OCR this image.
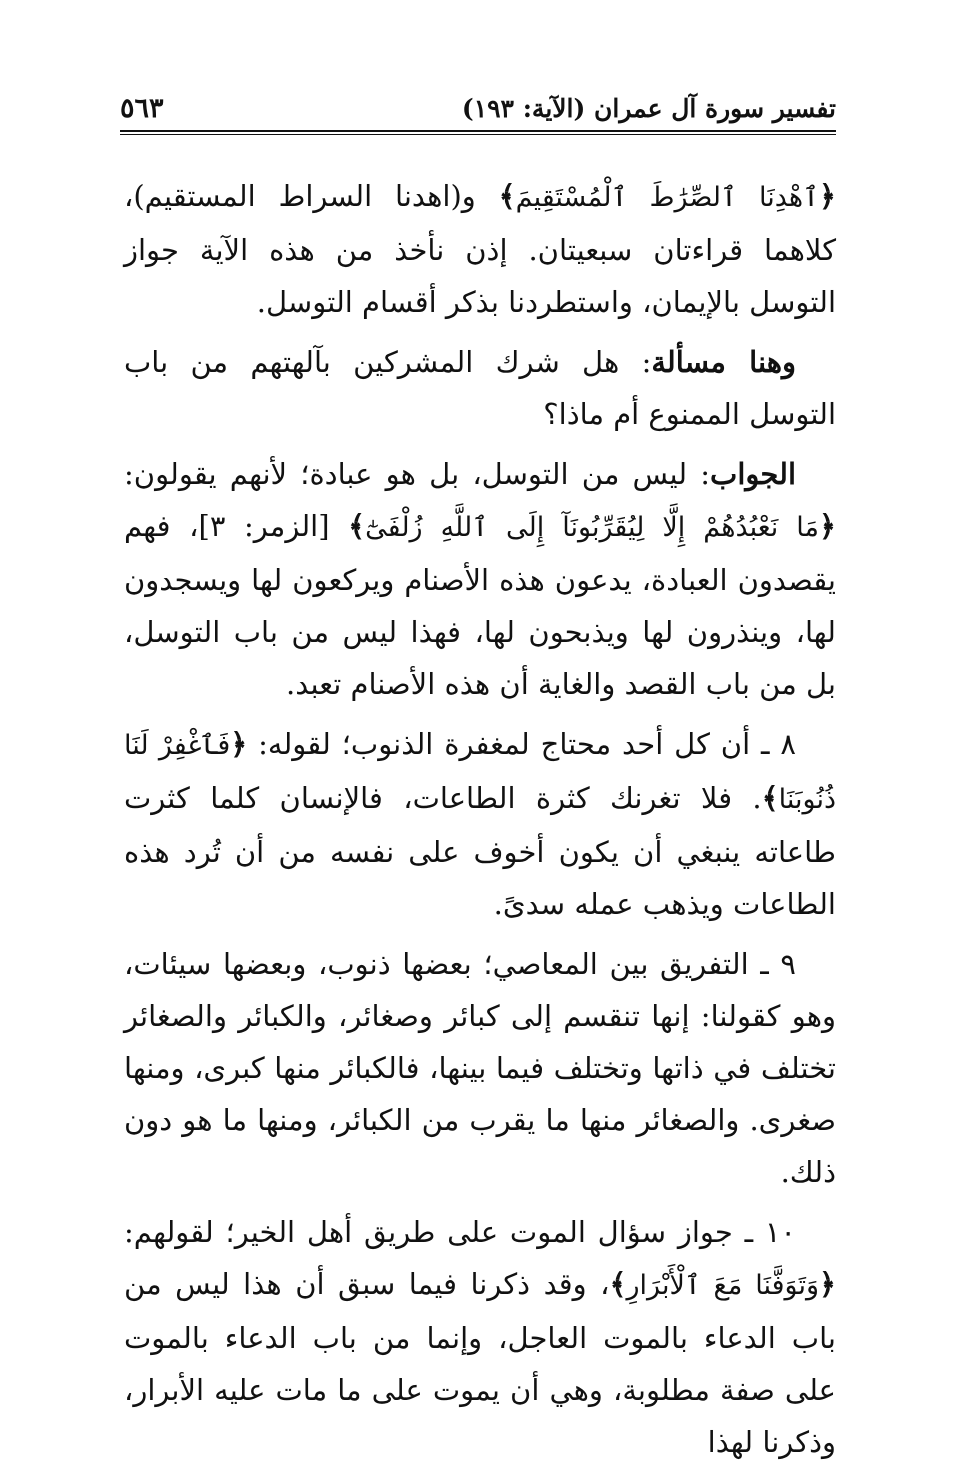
تفسير سورة آل عمران (الآية: ١٩٣)
٥٦٣

﴿ٱهْدِنَا ٱلصِّرَٰطَ ٱلْمُسْتَقِيمَ﴾ و(اهدنا السراط المستقيم)، كلاهما قراءتان سبعيتان. إذن نأخذ من هذه الآية جواز التوسل بالإيمان، واستطردنا بذكر أقسام التوسل.

وهنا مسألة: هل شرك المشركين بآلهتهم من باب التوسل الممنوع أم ماذا؟

الجواب: ليس من التوسل، بل هو عبادة؛ لأنهم يقولون: ﴿مَا نَعْبُدُهُمْ إِلَّا لِيُقَرِّبُونَآ إِلَى ٱللَّهِ زُلْفَىٰٓ﴾ [الزمر: ٣]، فهم يقصدون العبادة، يدعون هذه الأصنام ويركعون لها ويسجدون لها، وينذرون لها ويذبحون لها، فهذا ليس من باب التوسل، بل من باب القصد والغاية أن هذه الأصنام تعبد.

٨ ـ أن كل أحد محتاج لمغفرة الذنوب؛ لقوله: ﴿فَٱغْفِرْ لَنَا ذُنُوبَنَا﴾. فلا تغرنك كثرة الطاعات، فالإنسان كلما كثرت طاعاته ينبغي أن يكون أخوف على نفسه من أن تُرد هذه الطاعات ويذهب عمله سدىً.

٩ ـ التفريق بين المعاصي؛ بعضها ذنوب، وبعضها سيئات، وهو كقولنا: إنها تنقسم إلى كبائر وصغائر، والكبائر والصغائر تختلف في ذاتها وتختلف فيما بينها، فالكبائر منها كبرى، ومنها صغرى. والصغائر منها ما يقرب من الكبائر، ومنها ما هو دون ذلك.

١٠ ـ جواز سؤال الموت على طريق أهل الخير؛ لقولهم: ﴿وَتَوَفَّنَا مَعَ ٱلْأَبْرَارِ﴾، وقد ذكرنا فيما سبق أن هذا ليس من باب الدعاء بالموت العاجل، وإنما من باب الدعاء بالموت على صفة مطلوبة، وهي أن يموت على ما مات عليه الأبرار، وذكرنا لهذا
